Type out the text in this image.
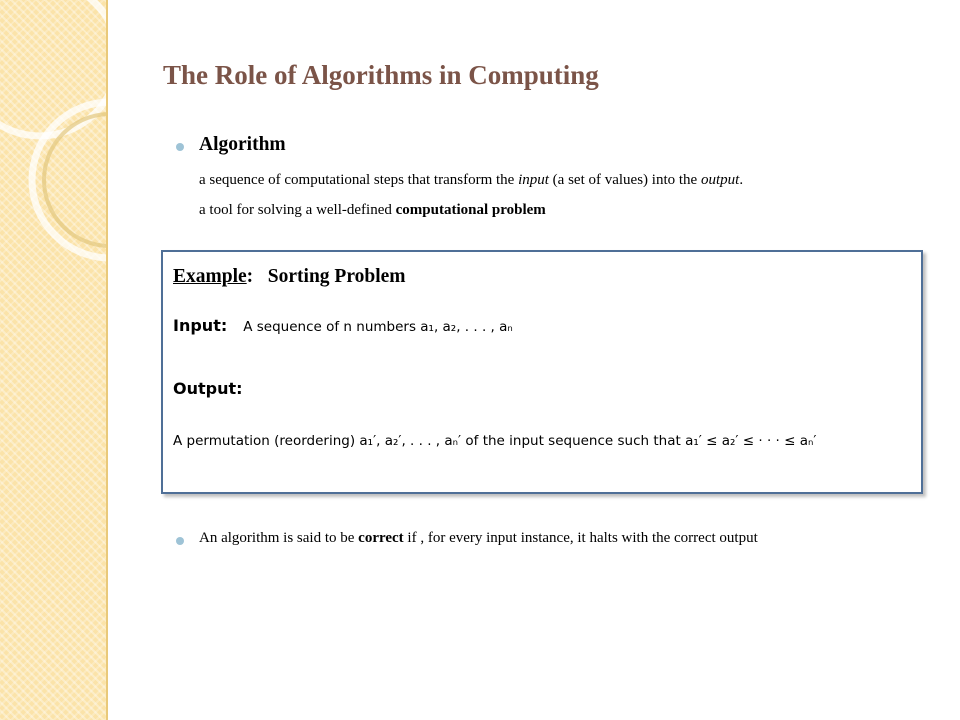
The Role of Algorithms in Computing
Algorithm
a sequence of computational steps that transform the input (a set of values) into the output.
a tool for solving a well-defined computational problem
Example: Sorting Problem
Input: A sequence of n numbers a₁, a₂, . . . , aₙ
Output:
A permutation (reordering) a₁′, a₂′, . . . , aₙ′ of the input sequence such that a₁′ ≤ a₂′ ≤ · · · ≤ aₙ′
An algorithm is said to be correct if , for every input instance, it halts with the correct output
